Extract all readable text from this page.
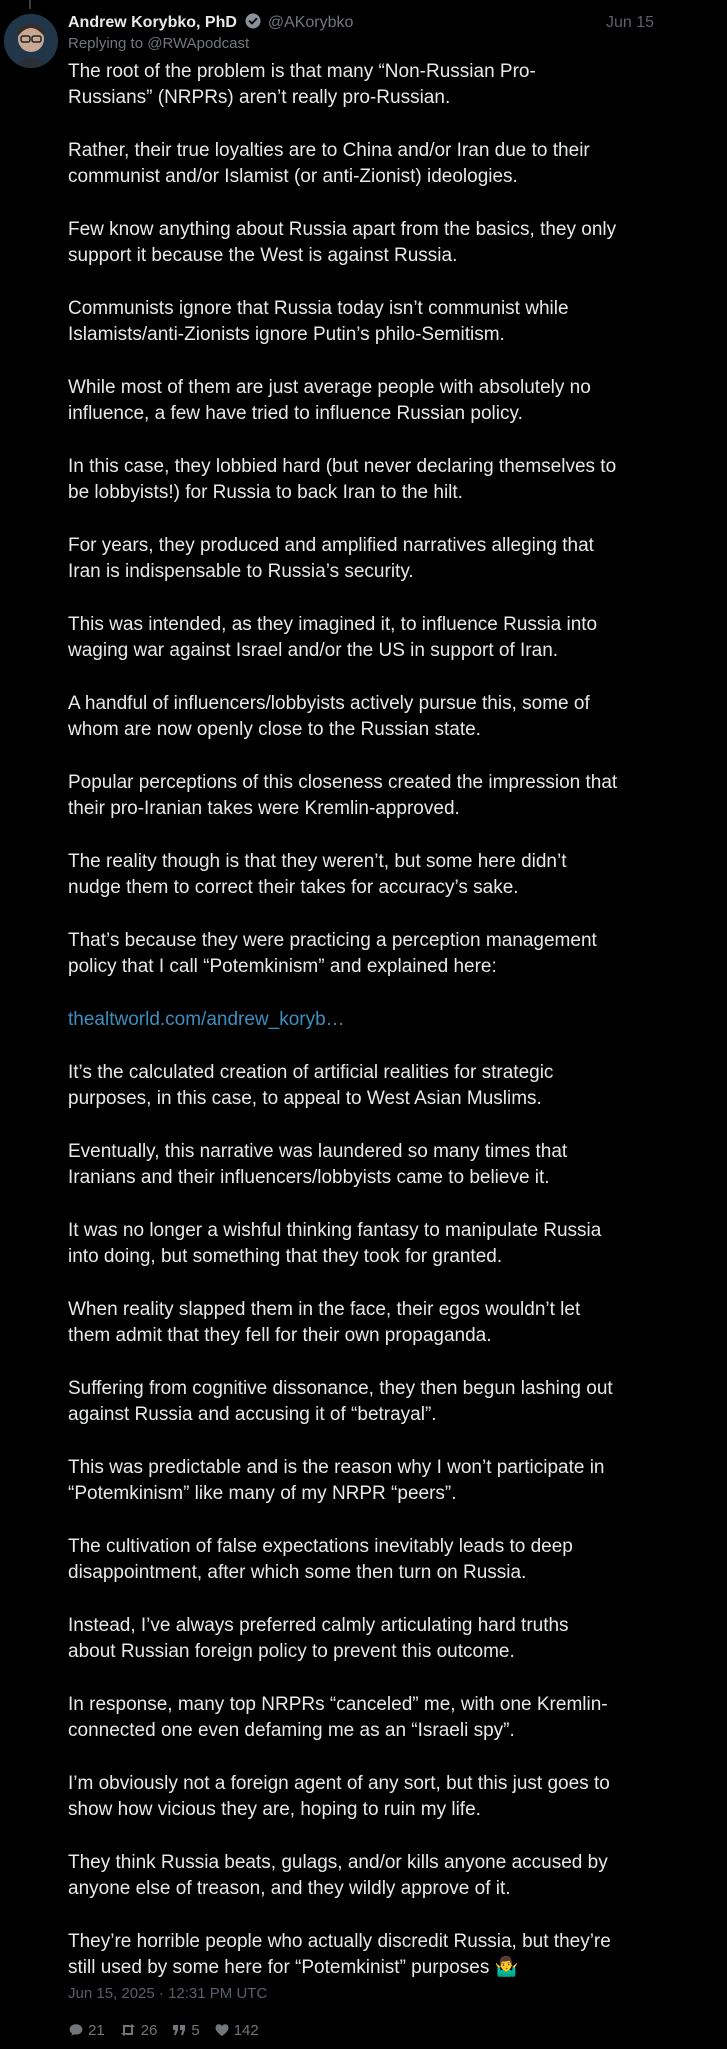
Andrew Korybko, PhD @AKorybko	Jun 15
Replying to @RWApodcast
The root of the problem is that many “Non-Russian Pro-
Russians” (NRPRs) aren’t really pro-Russian.
Rather, their true loyalties are to China and/or Iran due to their
communist and/or Islamist (or anti-Zionist) ideologies.
Few know anything about Russia apart from the basics, they only
support it because the West is against Russia.
Communists ignore that Russia today isn’t communist while
Islamists/anti-Zionists ignore Putin’s philo-Semitism.
While most of them are just average people with absolutely no
influence, a few have tried to influence Russian policy.
In this case, they lobbied hard (but never declaring themselves to
be lobbyists!) for Russia to back Iran to the hilt.
For years, they produced and amplified narratives alleging that
Iran is indispensable to Russia’s security.
This was intended, as they imagined it, to influence Russia into
waging war against Israel and/or the US in support of Iran.
A handful of influencers/lobbyists actively pursue this, some of
whom are now openly close to the Russian state.
Popular perceptions of this closeness created the impression that
their pro-Iranian takes were Kremlin-approved.
The reality though is that they weren’t, but some here didn’t
nudge them to correct their takes for accuracy’s sake.
That’s because they were practicing a perception management
policy that I call “Potemkinism” and explained here:
thealtworld.com/andrew_koryb…
It’s the calculated creation of artificial realities for strategic
purposes, in this case, to appeal to West Asian Muslims.
Eventually, this narrative was laundered so many times that
Iranians and their influencers/lobbyists came to believe it.
It was no longer a wishful thinking fantasy to manipulate Russia
into doing, but something that they took for granted.
When reality slapped them in the face, their egos wouldn’t let
them admit that they fell for their own propaganda.
Suffering from cognitive dissonance, they then begun lashing out
against Russia and accusing it of “betrayal”.
This was predictable and is the reason why I won’t participate in
“Potemkinism” like many of my NRPR “peers”.
The cultivation of false expectations inevitably leads to deep
disappointment, after which some then turn on Russia.
Instead, I’ve always preferred calmly articulating hard truths
about Russian foreign policy to prevent this outcome.
In response, many top NRPRs “canceled” me, with one Kremlin-
connected one even defaming me as an “Israeli spy”.
I’m obviously not a foreign agent of any sort, but this just goes to
show how vicious they are, hoping to ruin my life.
They think Russia beats, gulags, and/or kills anyone accused by
anyone else of treason, and they wildly approve of it.
They’re horrible people who actually discredit Russia, but they’re
still used by some here for “Potemkinist” purposes 🤷‍♂️
Jun 15, 2025 · 12:31 PM UTC
21 26 5 142
